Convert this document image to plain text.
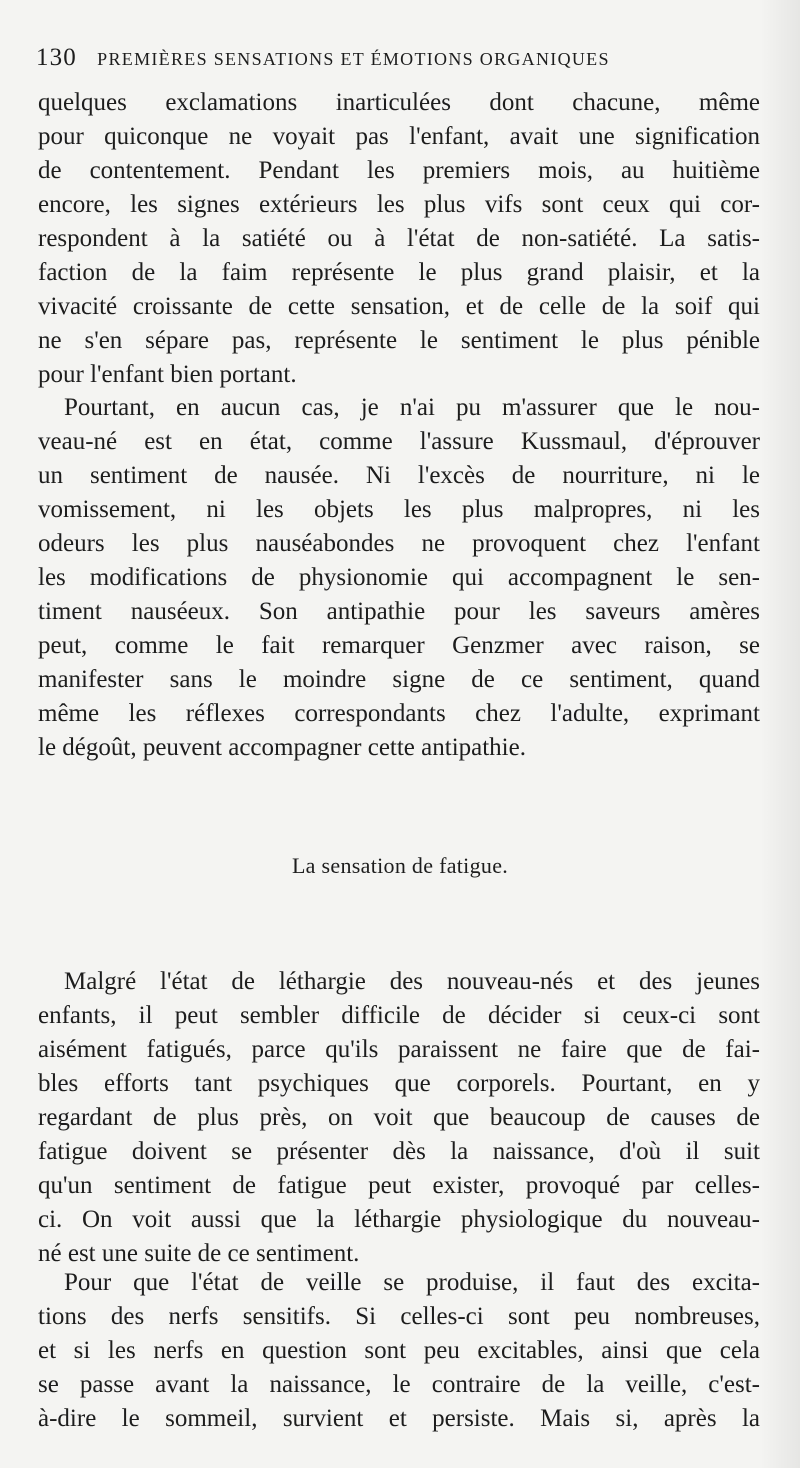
130 PREMIÈRES SENSATIONS ET ÉMOTIONS ORGANIQUES
quelques exclamations inarticulées dont chacune, même
pour quiconque ne voyait pas l'enfant, avait une signification
de contentement. Pendant les premiers mois, au huitième
encore, les signes extérieurs les plus vifs sont ceux qui cor-
respondent à la satiété ou à l'état de non-satiété. La satis-
faction de la faim représente le plus grand plaisir, et la
vivacité croissante de cette sensation, et de celle de la soif qui
ne s'en sépare pas, représente le sentiment le plus pénible
pour l'enfant bien portant.
Pourtant, en aucun cas, je n'ai pu m'assurer que le nou-
veau-né est en état, comme l'assure Kussmaul, d'éprouver
un sentiment de nausée. Ni l'excès de nourriture, ni le
vomissement, ni les objets les plus malpropres, ni les
odeurs les plus nauséabondes ne provoquent chez l'enfant
les modifications de physionomie qui accompagnent le sen-
timent nauséeux. Son antipathie pour les saveurs amères
peut, comme le fait remarquer Genzmer avec raison, se
manifester sans le moindre signe de ce sentiment, quand
même les réflexes correspondants chez l'adulte, exprimant
le dégoût, peuvent accompagner cette antipathie.
La sensation de fatigue.
Malgré l'état de léthargie des nouveau-nés et des jeunes
enfants, il peut sembler difficile de décider si ceux-ci sont
aisément fatigués, parce qu'ils paraissent ne faire que de fai-
bles efforts tant psychiques que corporels. Pourtant, en y
regardant de plus près, on voit que beaucoup de causes de
fatigue doivent se présenter dès la naissance, d'où il suit
qu'un sentiment de fatigue peut exister, provoqué par celles-
ci. On voit aussi que la léthargie physiologique du nouveau-
né est une suite de ce sentiment.
Pour que l'état de veille se produise, il faut des excita-
tions des nerfs sensitifs. Si celles-ci sont peu nombreuses,
et si les nerfs en question sont peu excitables, ainsi que cela
se passe avant la naissance, le contraire de la veille, c'est-
à-dire le sommeil, survient et persiste. Mais si, après la
